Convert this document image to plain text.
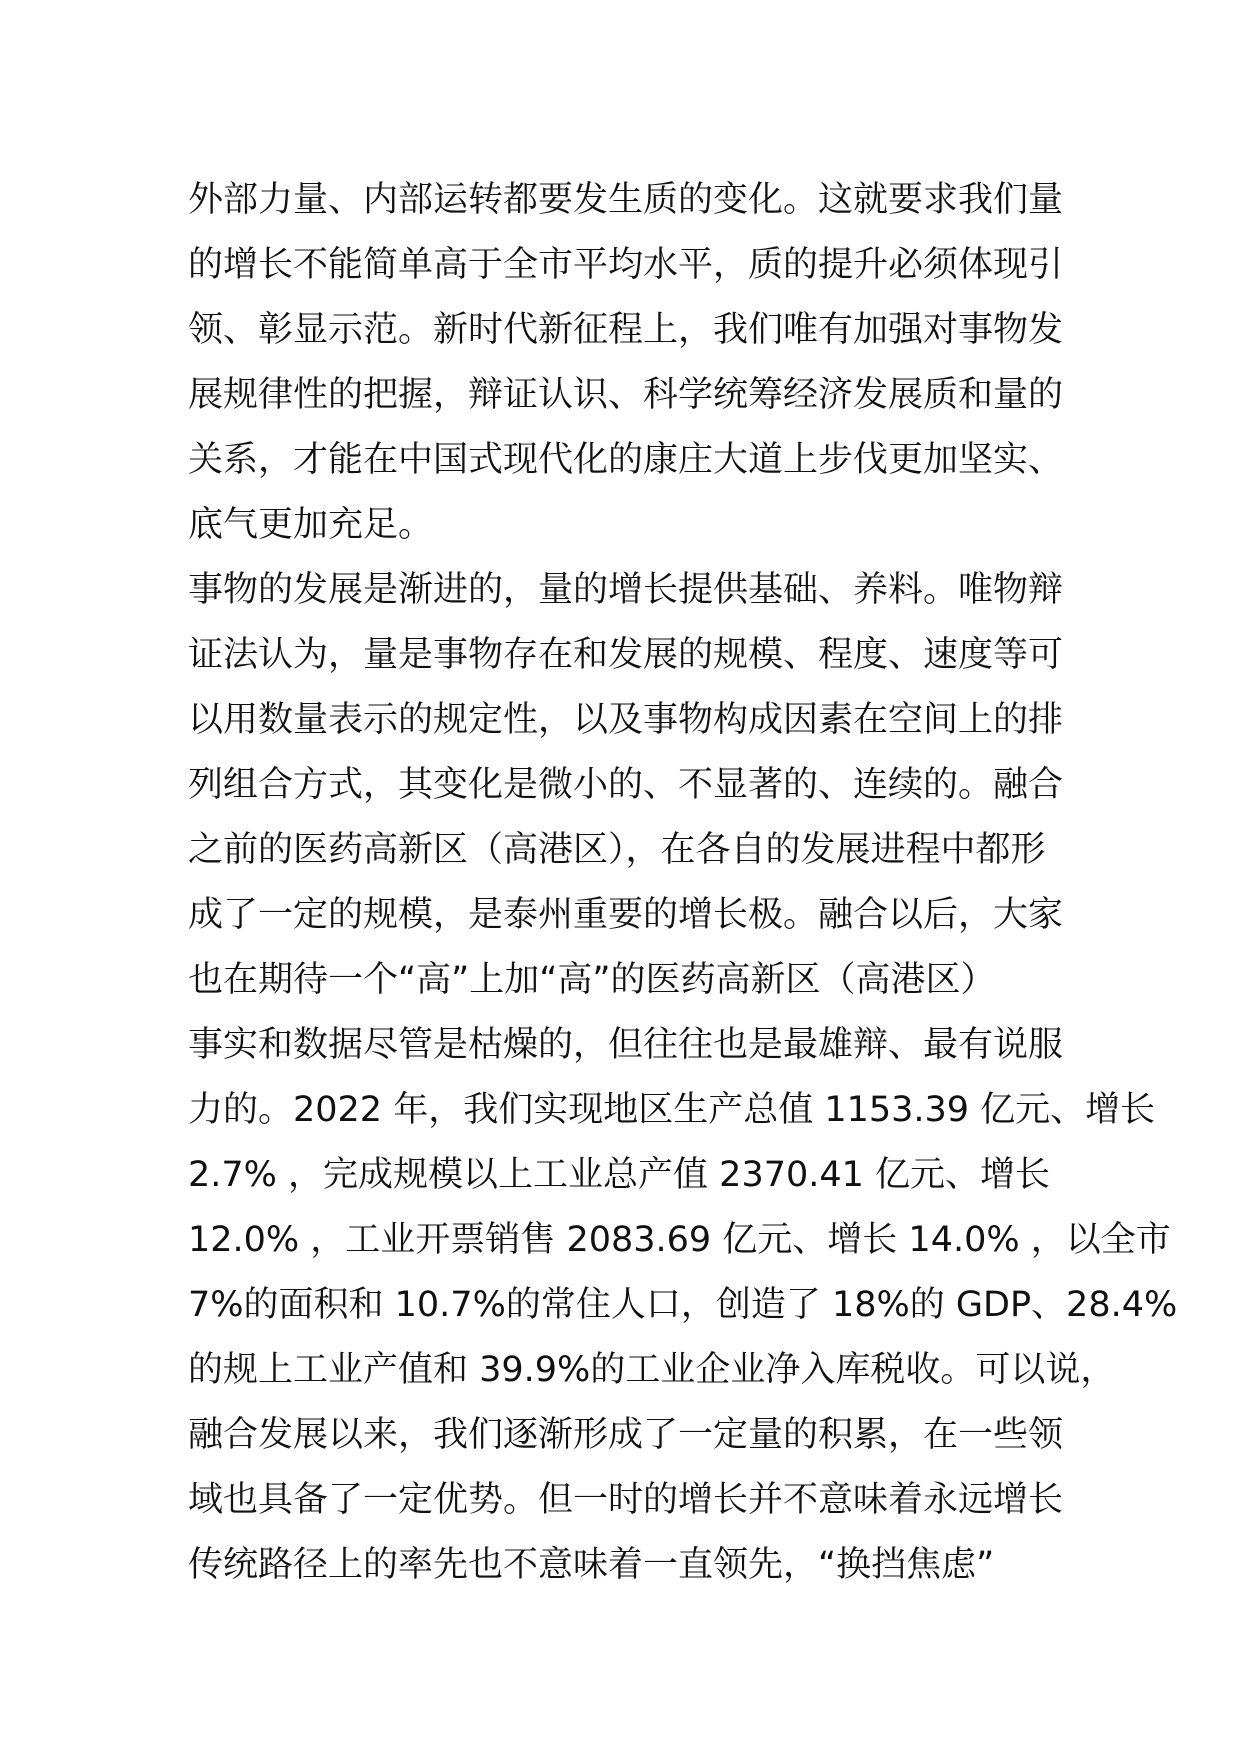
外部力量、内部运转都要发生质的变化。这就要求我们量
的增长不能简单高于全市平均水平，质的提升必须体现引
领、彰显示范。新时代新征程上，我们唯有加强对事物发
展规律性的把握，辩证认识、科学统筹经济发展质和量的
关系，才能在中国式现代化的康庄大道上步伐更加坚实、
底气更加充足。
事物的发展是渐进的，量的增长提供基础、养料。唯物辩
证法认为，量是事物存在和发展的规模、程度、速度等可
以用数量表示的规定性，以及事物构成因素在空间上的排
列组合方式，其变化是微小的、不显著的、连续的。融合
之前的医药高新区（高港区），在各自的发展进程中都形
成了一定的规模，是泰州重要的增长极。融合以后，大家
也在期待一个“高”上加“高”的医药高新区（高港区）
事实和数据尽管是枯燥的，但往往也是最雄辩、最有说服
力的。2022 年，我们实现地区生产总值 1153.39 亿元、增长
2.7% ，完成规模以上工业总产值 2370.41 亿元、增长
12.0% ，工业开票销售 2083.69 亿元、增长 14.0% ，以全市
7%的面积和 10.7%的常住人口，创造了 18%的 GDP、28.4%
的规上工业产值和 39.9%的工业企业净入库税收。可以说，
融合发展以来，我们逐渐形成了一定量的积累，在一些领
域也具备了一定优势。但一时的增长并不意味着永远增长
传统路径上的率先也不意味着一直领先，“换挡焦虑”
